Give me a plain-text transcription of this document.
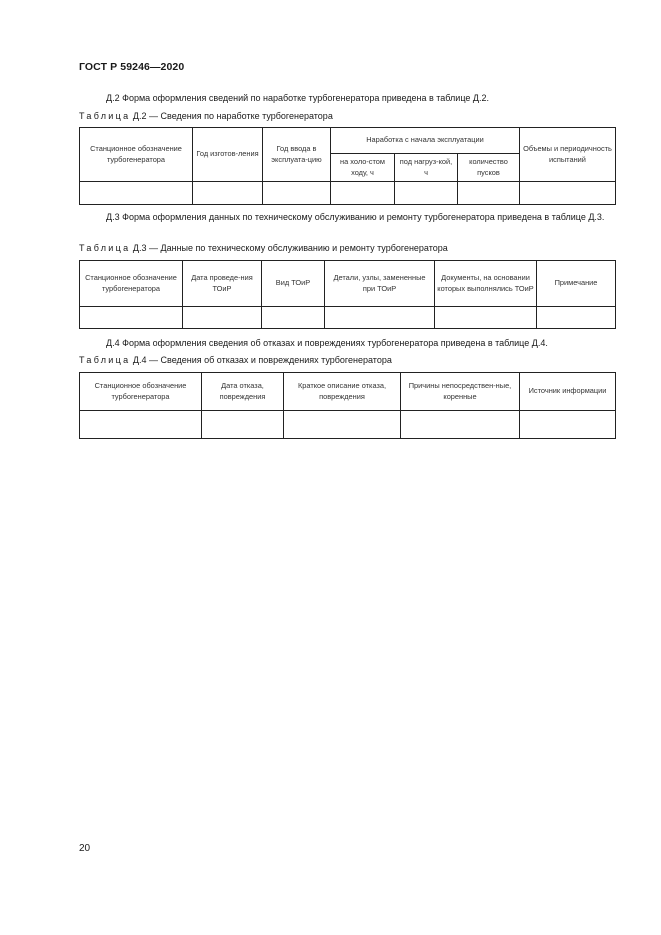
ГОСТ Р 59246—2020
Д.2 Форма оформления сведений по наработке турбогенератора приведена в таблице Д.2.
Таблица Д.2 — Сведения по наработке турбогенератора
Станционное обозначение турбогенератора	Год изготов-ления	Год ввода в эксплуата-цию	Наработка с начала эксплуатации			Объемы и периодичность испытаний
			на холо-стом ходу, ч	под нагруз-кой, ч	количество пусков	

Д.3 Форма оформления данных по техническому обслуживанию и ремонту турбогенератора приведена в таблице Д.3.
Таблица Д.3 — Данные по техническому обслуживанию и ремонту турбогенератора
Станционное обозначение турбогенератора	Дата проведе-ния ТОиР	Вид ТОиР	Детали, узлы, замененные при ТОиР	Документы, на основании которых выполнялись ТОиР	Примечание

Д.4 Форма оформления сведения об отказах и повреждениях турбогенератора приведена в таблице Д.4.
Таблица Д.4 — Сведения об отказах и повреждениях турбогенератора
Станционное обозначение турбогенератора	Дата отказа, повреждения	Краткое описание отказа, повреждения	Причины непосредствен-ные, коренные	Источник информации

20
